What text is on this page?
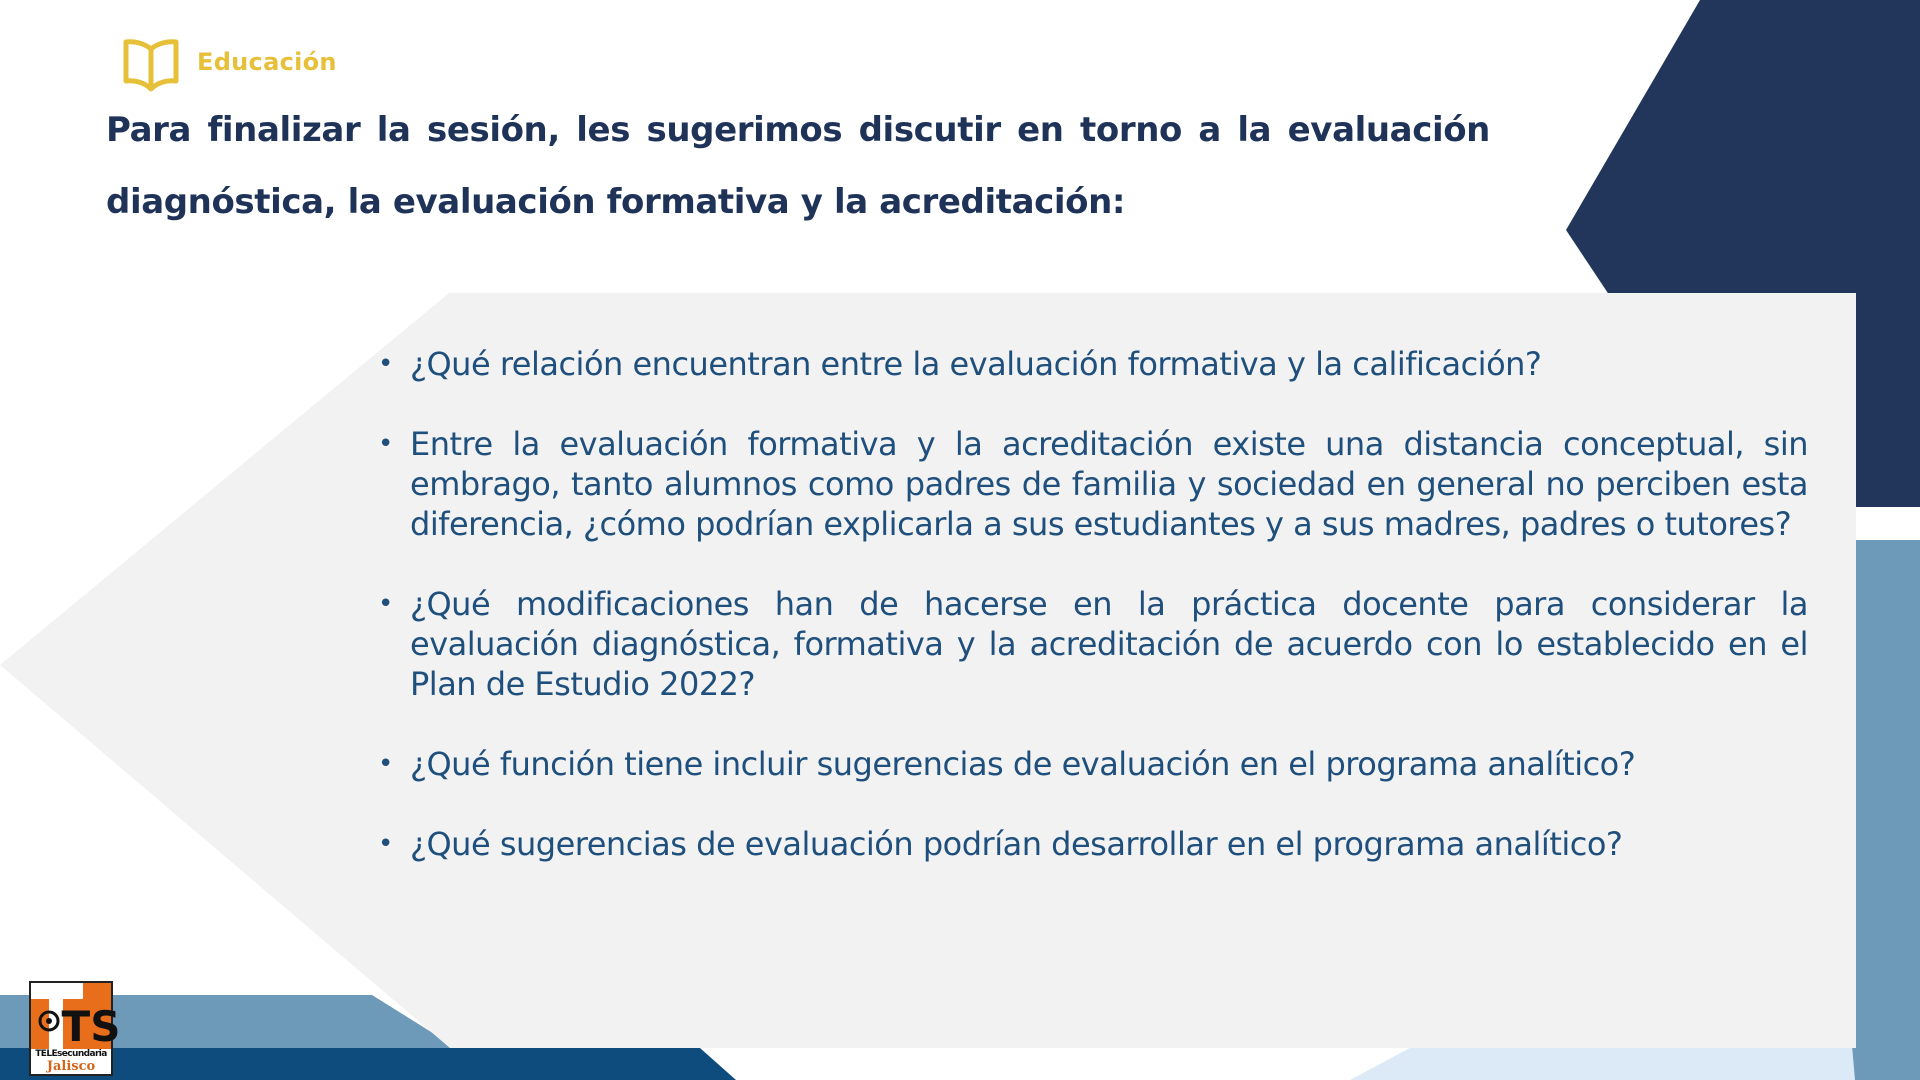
Educación

Para finalizar la sesión, les sugerimos discutir en torno a la evaluación diagnóstica, la evaluación formativa y la acreditación:

• ¿Qué relación encuentran entre la evaluación formativa y la calificación?
• Entre la evaluación formativa y la acreditación existe una distancia conceptual, sin embrago, tanto alumnos como padres de familia y sociedad en general no perciben esta diferencia, ¿cómo podrían explicarla a sus estudiantes y a sus madres, padres o tutores?
• ¿Qué modificaciones han de hacerse en la práctica docente para considerar la evaluación diagnóstica, formativa y la acreditación de acuerdo con lo establecido en el Plan de Estudio 2022?
• ¿Qué función tiene incluir sugerencias de evaluación en el programa analítico?
• ¿Qué sugerencias de evaluación podrían desarrollar en el programa analítico?
TS
TELEsecundaria
Jalisco
